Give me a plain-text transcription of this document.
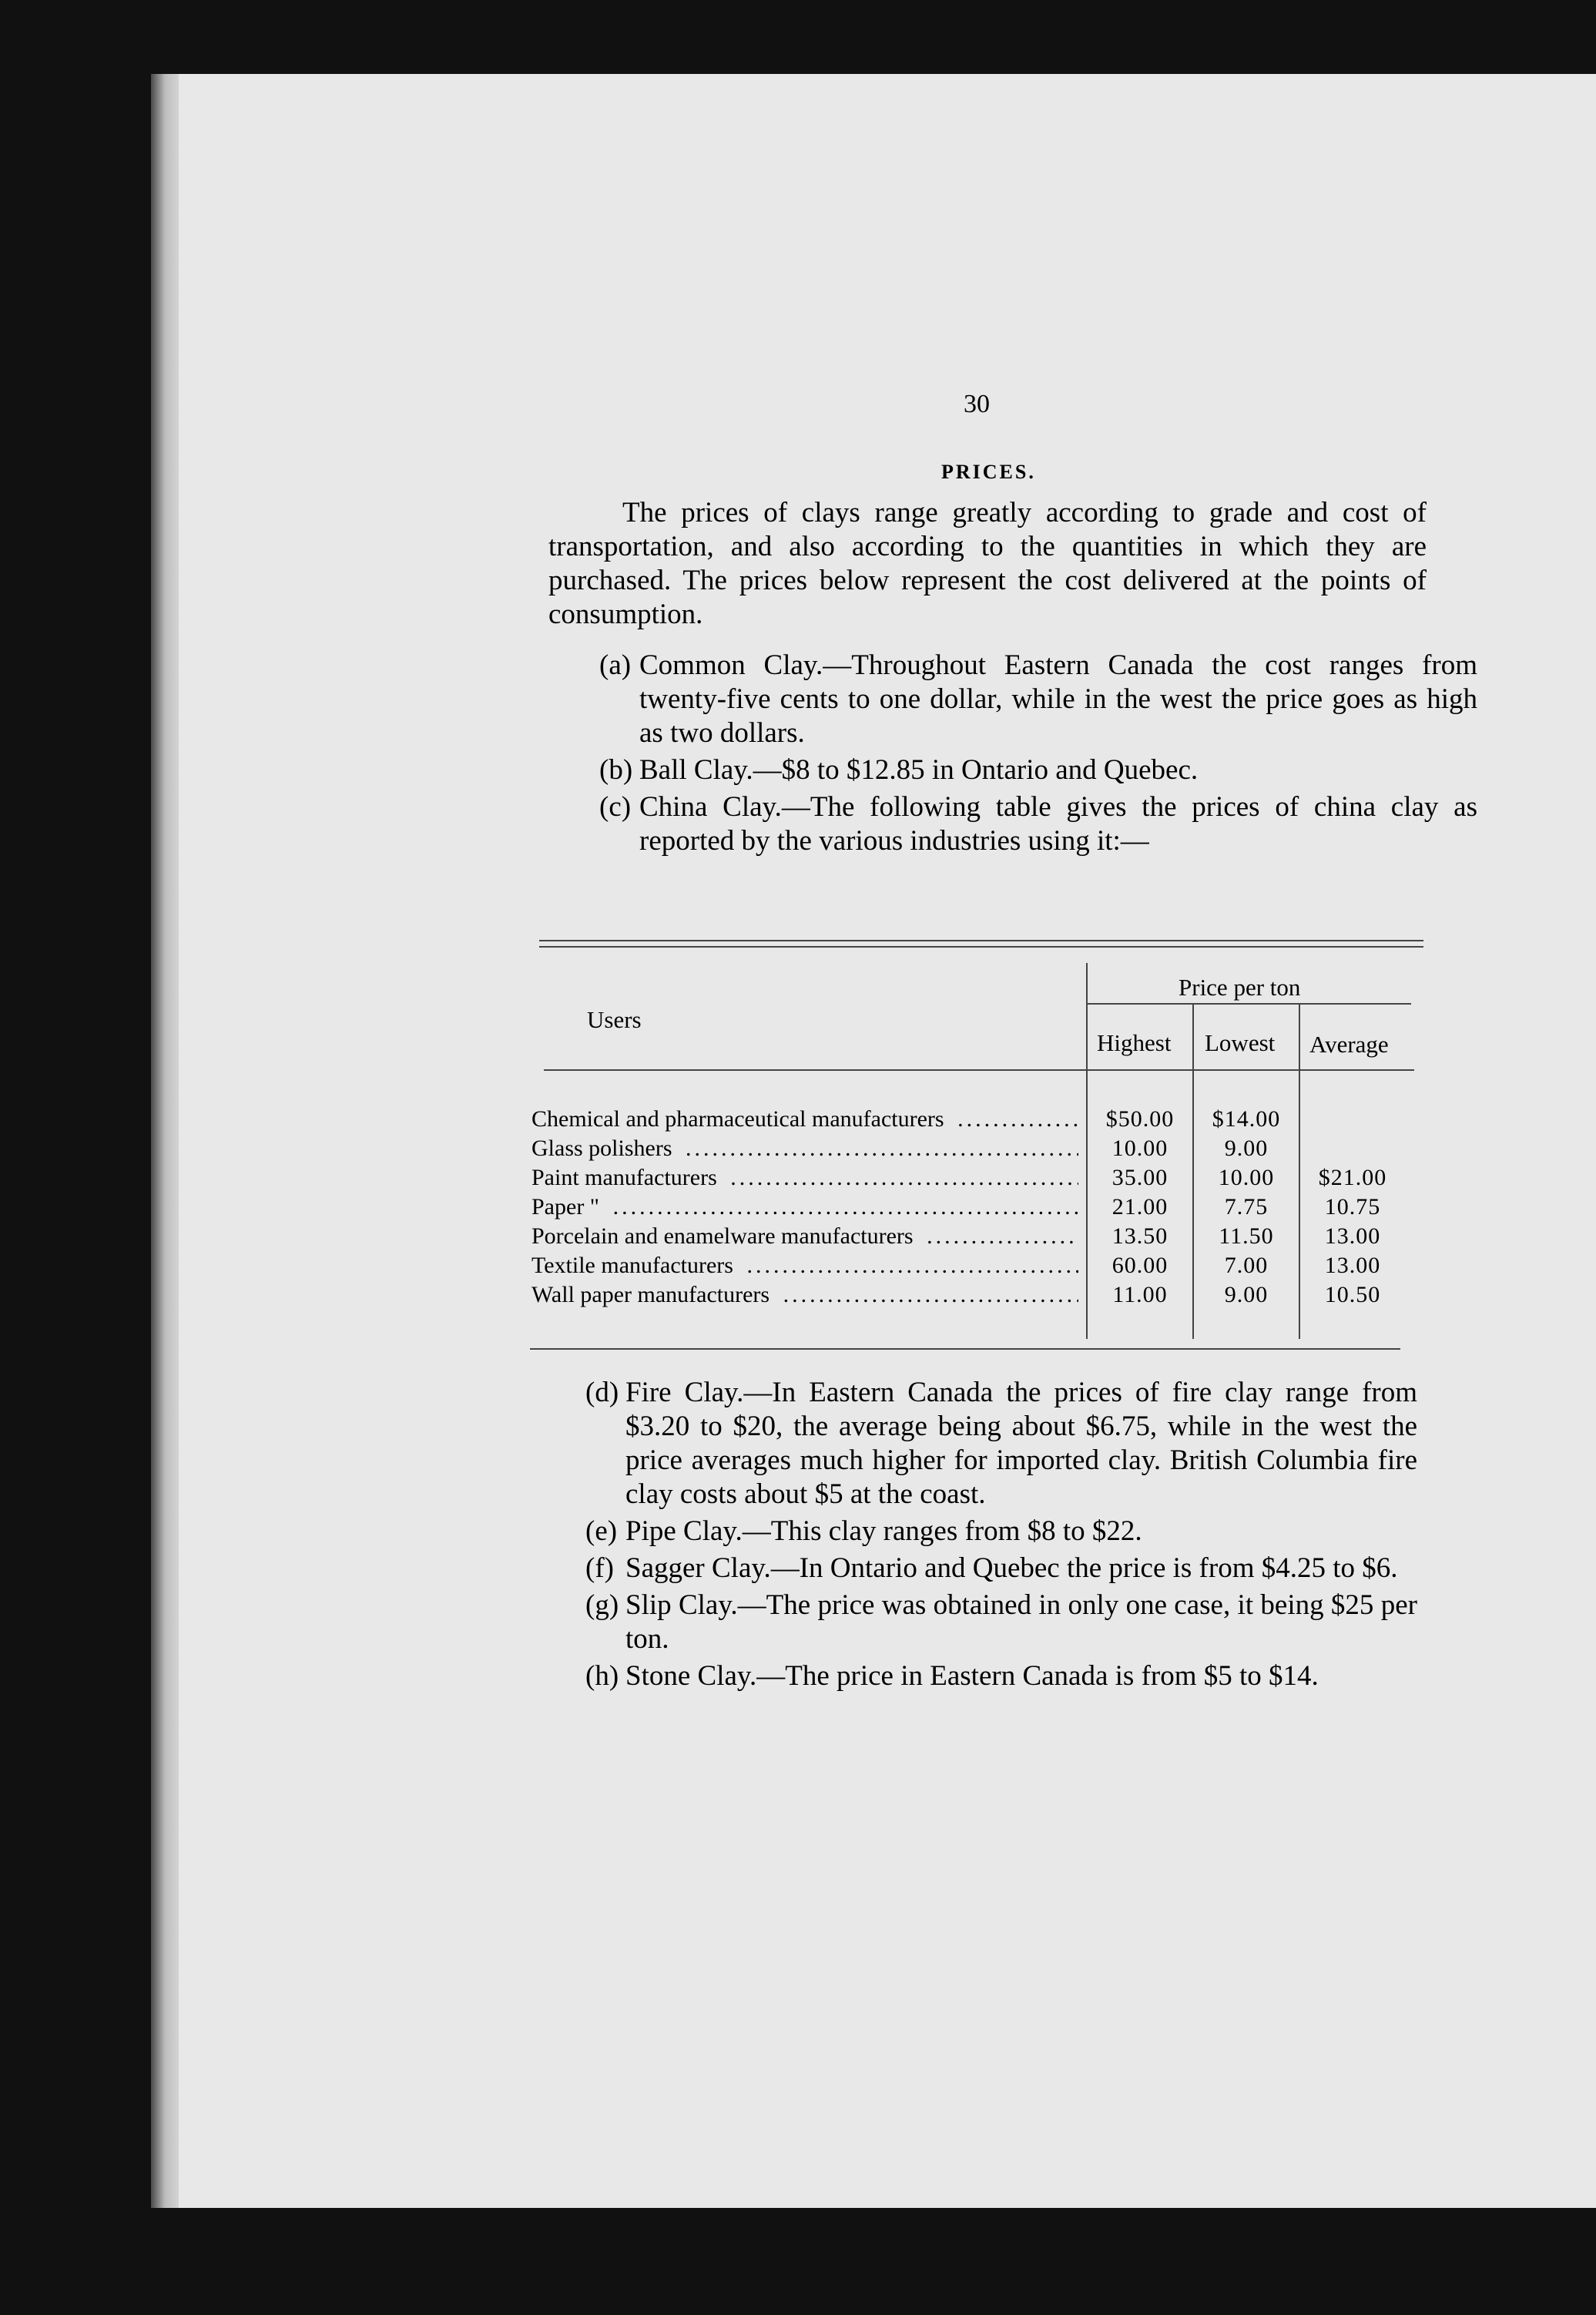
30
PRICES.

The prices of clays range greatly according to grade and cost of transportation, and also according to the quantities in which they are purchased. The prices below represent the cost delivered at the points of consumption.

(a) Common Clay.—Throughout Eastern Canada the cost ranges from twenty-five cents to one dollar, while in the west the price goes as high as two dollars.
(b) Ball Clay.—$8 to $12.85 in Ontario and Quebec.
(c) China Clay.—The following table gives the prices of china clay as reported by the various industries using it:—
Users
Price per ton
Highest Lowest Average
Chemical and pharmaceutical manufacturers .....	$50.00	$14.00
Glass polishers .....	10.00	9.00
Paint manufacturers .....	35.00	10.00	$21.00
Paper " .....	21.00	7.75	10.75
Porcelain and enamelware manufacturers .....	13.50	11.50	13.00
Textile manufacturers .....	60.00	7.00	13.00
Wall paper manufacturers .....	11.00	9.00	10.50
(d) Fire Clay.—In Eastern Canada the prices of fire clay range from $3.20 to $20, the average being about $6.75, while in the west the price averages much higher for imported clay. British Columbia fire clay costs about $5 at the coast.
(e) Pipe Clay.—This clay ranges from $8 to $22.
(f) Sagger Clay.—In Ontario and Quebec the price is from $4.25 to $6.
(g) Slip Clay.—The price was obtained in only one case, it being $25 per ton.
(h) Stone Clay.—The price in Eastern Canada is from $5 to $14.
